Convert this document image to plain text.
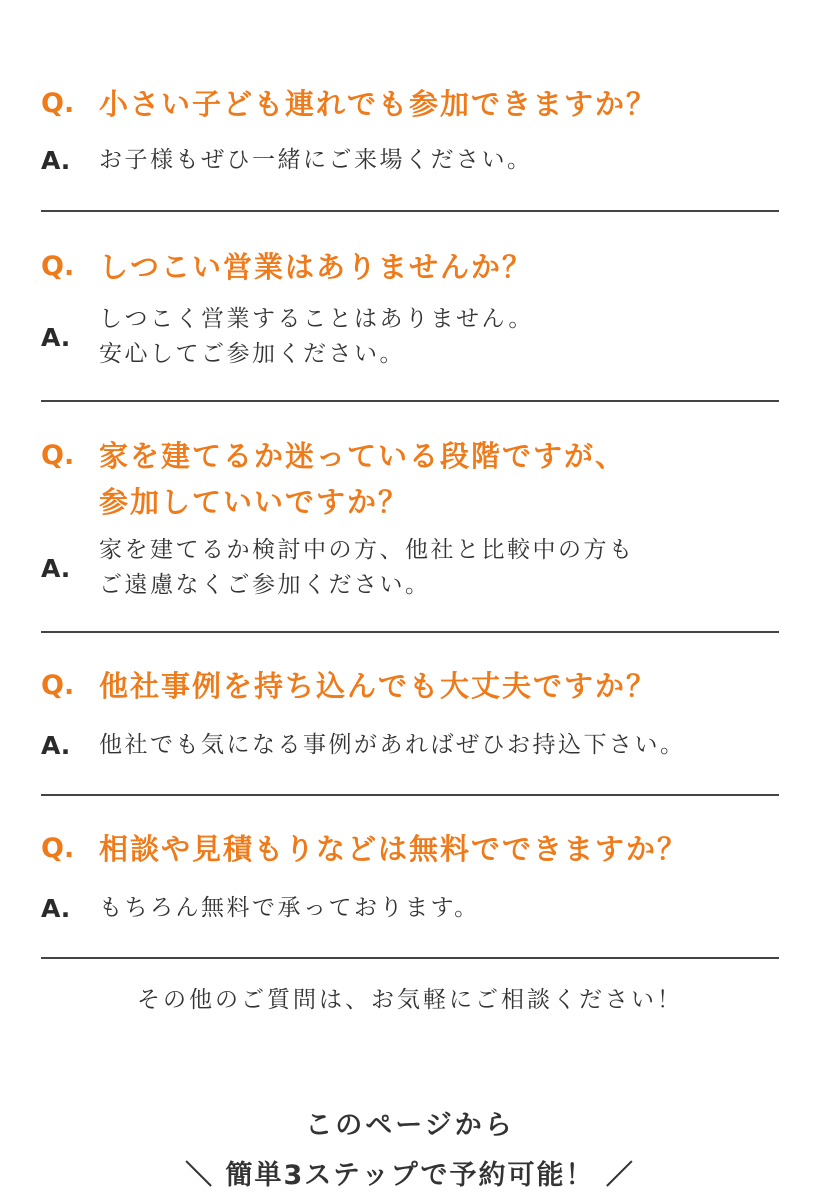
Q. 小さい子ども連れでも参加できますか？
A.	お子様もぜひ一緒にご来場ください。
Q. しつこい営業はありませんか？
A.
しつこく営業することはありません。
安心してご参加ください。
Q. 家を建てるか迷っている段階ですが、
参加していいですか？
A.
家を建てるか検討中の方、他社と比較中の方も
ご遠慮なくご参加ください。
Q. 他社事例を持ち込んでも大丈夫ですか？
A.	他社でも気になる事例があればぜひお持込下さい。
Q. 相談や見積もりなどは無料でできますか？
A.	もちろん無料で承っております。
その他のご質問は、お気軽にご相談ください！
このページから
＼ 簡単3ステップで予約可能！ ／
